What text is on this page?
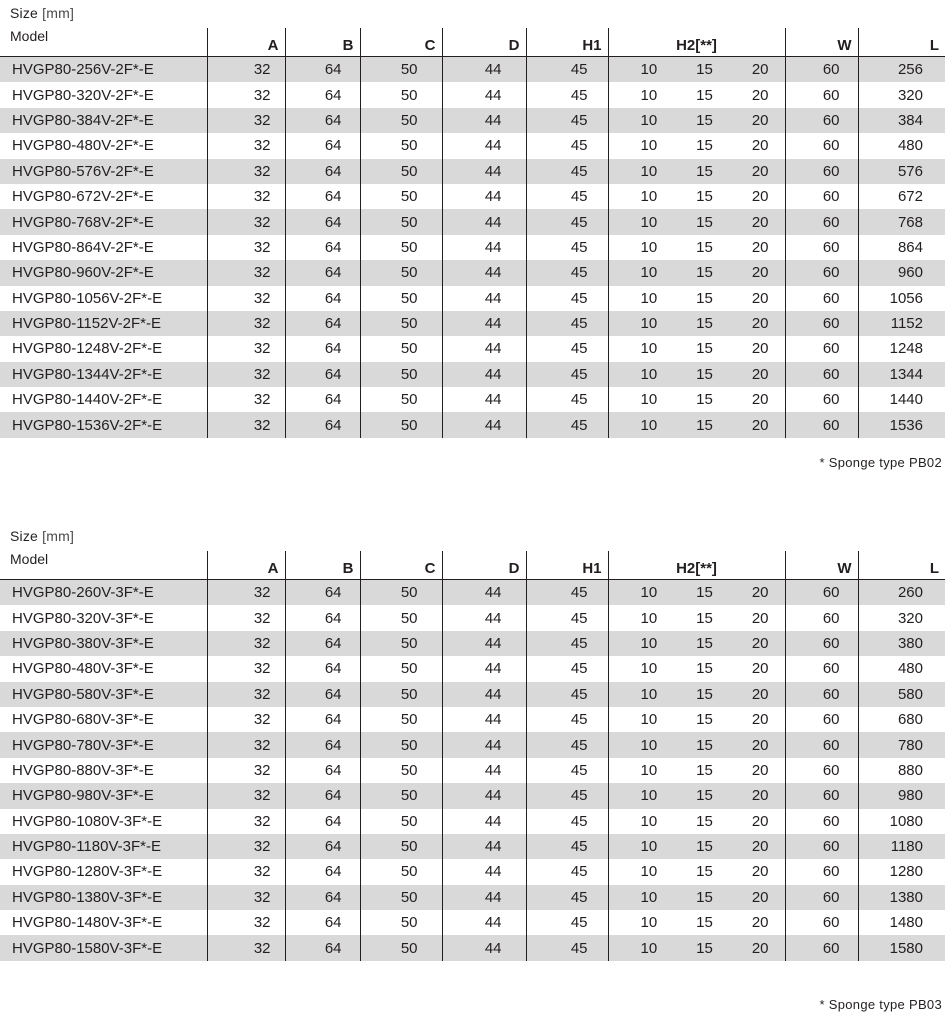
Size [mm]
Model	A	B	C	D	H1	H2[**]	W	L
HVGP80-256V-2F*-E	32	64	50	44	45	10 15 20	60	256
HVGP80-320V-2F*-E	32	64	50	44	45	10 15 20	60	320
HVGP80-384V-2F*-E	32	64	50	44	45	10 15 20	60	384
HVGP80-480V-2F*-E	32	64	50	44	45	10 15 20	60	480
HVGP80-576V-2F*-E	32	64	50	44	45	10 15 20	60	576
HVGP80-672V-2F*-E	32	64	50	44	45	10 15 20	60	672
HVGP80-768V-2F*-E	32	64	50	44	45	10 15 20	60	768
HVGP80-864V-2F*-E	32	64	50	44	45	10 15 20	60	864
HVGP80-960V-2F*-E	32	64	50	44	45	10 15 20	60	960
HVGP80-1056V-2F*-E	32	64	50	44	45	10 15 20	60	1056
HVGP80-1152V-2F*-E	32	64	50	44	45	10 15 20	60	1152
HVGP80-1248V-2F*-E	32	64	50	44	45	10 15 20	60	1248
HVGP80-1344V-2F*-E	32	64	50	44	45	10 15 20	60	1344
HVGP80-1440V-2F*-E	32	64	50	44	45	10 15 20	60	1440
HVGP80-1536V-2F*-E	32	64	50	44	45	10 15 20	60	1536
* Sponge type PB02
Size [mm]
Model	A	B	C	D	H1	H2[**]	W	L
HVGP80-260V-3F*-E	32	64	50	44	45	10 15 20	60	260
HVGP80-320V-3F*-E	32	64	50	44	45	10 15 20	60	320
HVGP80-380V-3F*-E	32	64	50	44	45	10 15 20	60	380
HVGP80-480V-3F*-E	32	64	50	44	45	10 15 20	60	480
HVGP80-580V-3F*-E	32	64	50	44	45	10 15 20	60	580
HVGP80-680V-3F*-E	32	64	50	44	45	10 15 20	60	680
HVGP80-780V-3F*-E	32	64	50	44	45	10 15 20	60	780
HVGP80-880V-3F*-E	32	64	50	44	45	10 15 20	60	880
HVGP80-980V-3F*-E	32	64	50	44	45	10 15 20	60	980
HVGP80-1080V-3F*-E	32	64	50	44	45	10 15 20	60	1080
HVGP80-1180V-3F*-E	32	64	50	44	45	10 15 20	60	1180
HVGP80-1280V-3F*-E	32	64	50	44	45	10 15 20	60	1280
HVGP80-1380V-3F*-E	32	64	50	44	45	10 15 20	60	1380
HVGP80-1480V-3F*-E	32	64	50	44	45	10 15 20	60	1480
HVGP80-1580V-3F*-E	32	64	50	44	45	10 15 20	60	1580
* Sponge type PB03
